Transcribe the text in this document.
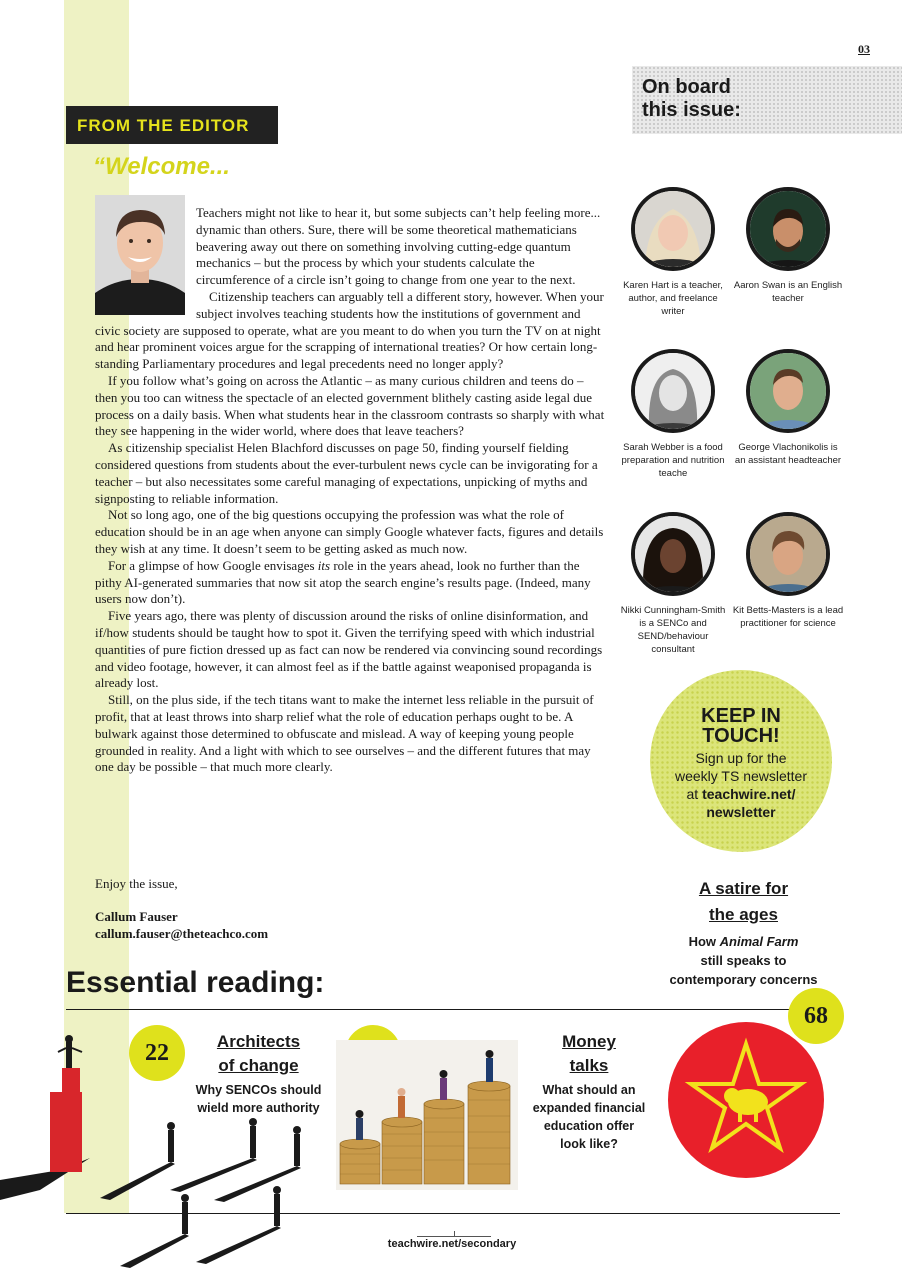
03
On board
this issue:
FROM THE EDITOR
“Welcome...

Teachers might not like to hear it, but some subjects can’t help feeling more... dynamic than others. Sure, there will be some theoretical mathematicians beavering away out there on something involving cutting-edge quantum mechanics – but the process by which your students calculate the circumference of a circle isn’t going to change from one year to the next.

Citizenship teachers can arguably tell a different story, however. When your subject involves teaching students how the institutions of government and civic society are supposed to operate, what are you meant to do when you turn the TV on at night and hear prominent voices argue for the scrapping of international treaties? Or how certain long-standing Parliamentary procedures and legal precedents need no longer apply?

If you follow what’s going on across the Atlantic – as many curious children and teens do – then you too can witness the spectacle of an elected government blithely casting aside legal due process on a daily basis. When what students hear in the classroom contrasts so sharply with what they see happening in the wider world, where does that leave teachers?

As citizenship specialist Helen Blachford discusses on page 50, finding yourself fielding considered questions from students about the ever-turbulent news cycle can be invigorating for a teacher – but also necessitates some careful managing of expectations, unpicking of myths and signposting to reliable information.

Not so long ago, one of the big questions occupying the profession was what the role of education should be in an age when anyone can simply Google whatever facts, figures and details they wish at any time. It doesn’t seem to be getting asked as much now.

For a glimpse of how Google envisages its role in the years ahead, look no further than the pithy AI-generated summaries that now sit atop the search engine’s results page. (Indeed, many users now don’t).

Five years ago, there was plenty of discussion around the risks of online disinformation, and if/how students should be taught how to spot it. Given the terrifying speed with which industrial quantities of pure fiction dressed up as fact can now be rendered via convincing sound recordings and video footage, however, it can almost feel as if the battle against weaponised propaganda is already lost.

Still, on the plus side, if the tech titans want to make the internet less reliable in the pursuit of profit, that at least throws into sharp relief what the role of education perhaps ought to be. A bulwark against those determined to obfuscate and mislead. A way of keeping young people grounded in reality. And a light with which to see ourselves – and the different futures that may one day be possible – that much more clearly.

Enjoy the issue,
Callum Fauser
callum.fauser@theteachco.com
Karen Hart is a teacher, author, and freelance writer
Aaron Swan is an English teacher
Sarah Webber is a food preparation and nutrition teache
George Vlachonikolis is an assistant headteacher
Nikki Cunningham-Smith is a SENCo and SEND/behaviour consultant
Kit Betts-Masters is a lead practitioner for science
KEEP IN
TOUCH!
Sign up for the
weekly TS newsletter
at teachwire.net/
newsletter
A satire for
the ages
How Animal Farm
still speaks to
contemporary concerns
Essential reading:
22	Architects
of change
Why SENCOs should
wield more authority
Money
talks
What should an
expanded financial
education offer
look like?
68
teachwire.net/secondary
